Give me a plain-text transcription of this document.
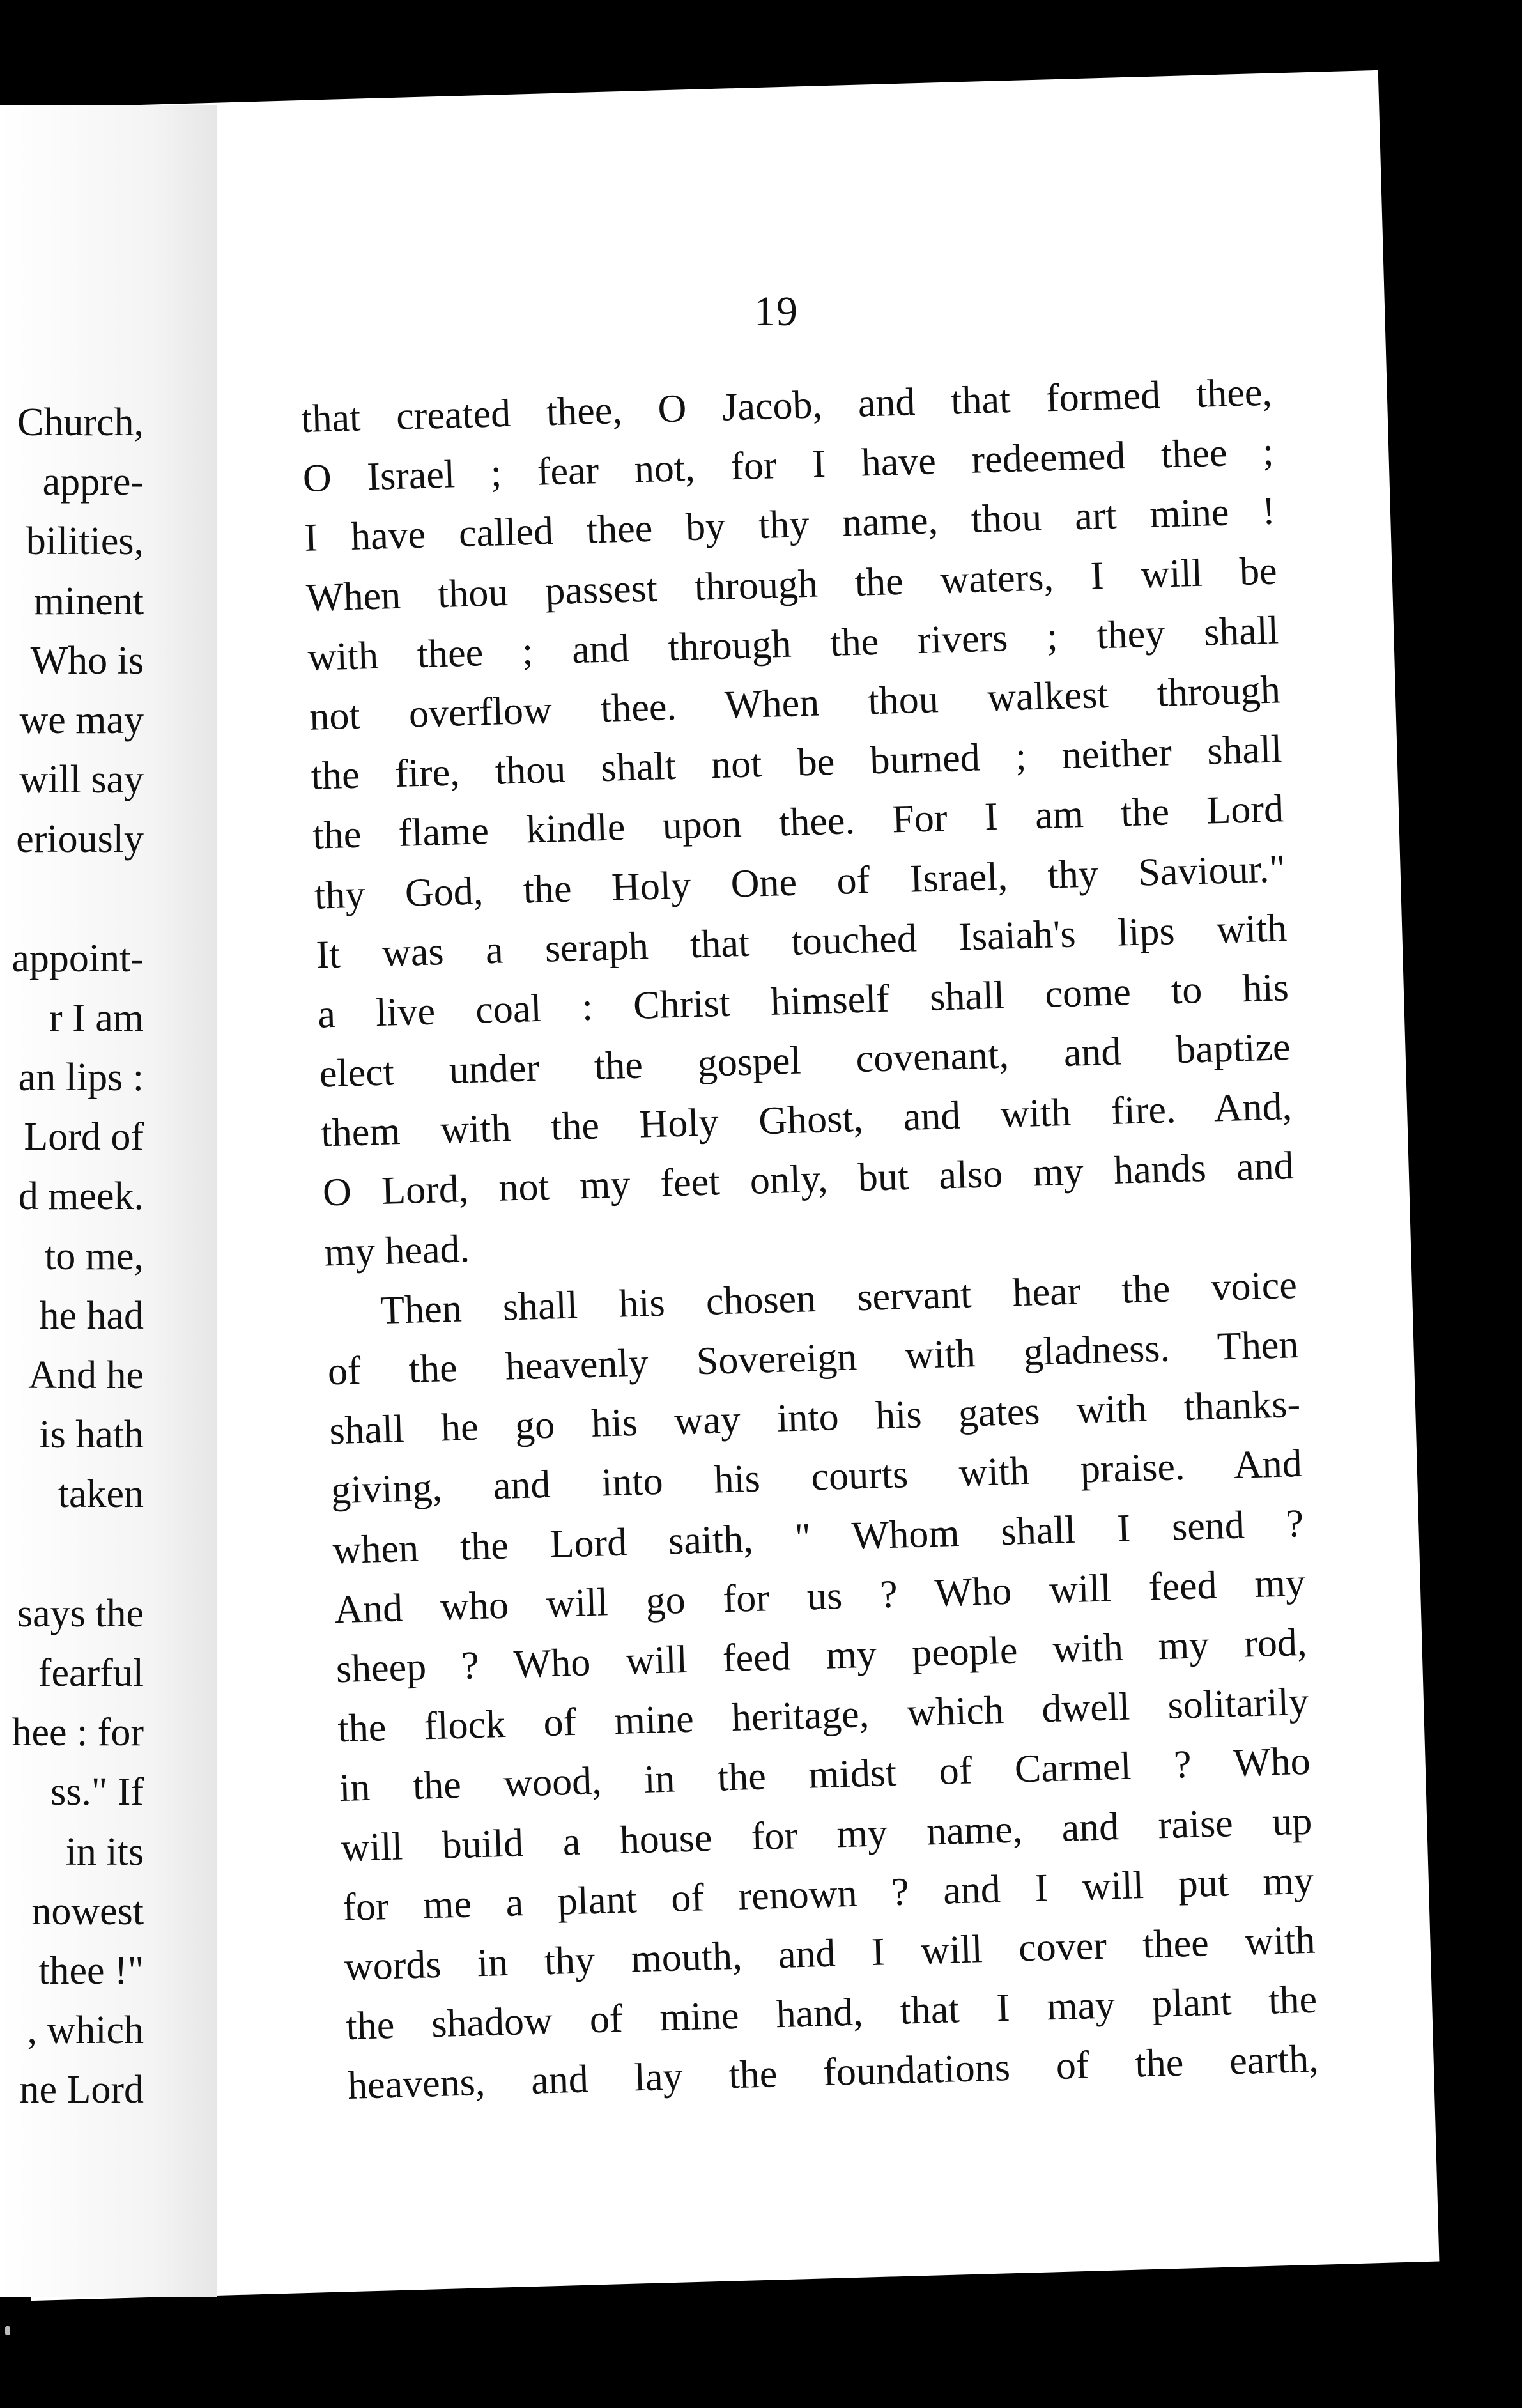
19
Church,
appre-
bilities,
minent
Who is
we may
will say
eriously
appoint-
r I am
an lips :
Lord of
d meek.
to me,
he had
And he
is hath
taken
says the
fearful
hee : for
ss." If
in its
nowest
thee !"
, which
ne Lord
that created thee, O Jacob, and that formed thee,
O Israel ; fear not, for I have redeemed thee ;
I have called thee by thy name, thou art mine !
When thou passest through the waters, I will be
with thee ; and through the rivers ; they shall
not overflow thee. When thou walkest through
the fire, thou shalt not be burned ; neither shall
the flame kindle upon thee. For I am the Lord
thy God, the Holy One of Israel, thy Saviour."
It was a seraph that touched Isaiah's lips with
a live coal : Christ himself shall come to his
elect under the gospel covenant, and baptize
them with the Holy Ghost, and with fire. And,
O Lord, not my feet only, but also my hands and
my head.
Then shall his chosen servant hear the voice
of the heavenly Sovereign with gladness. Then
shall he go his way into his gates with thanks-
giving, and into his courts with praise. And
when the Lord saith, " Whom shall I send ?
And who will go for us ? Who will feed my
sheep ? Who will feed my people with my rod,
the flock of mine heritage, which dwell solitarily
in the wood, in the midst of Carmel ? Who
will build a house for my name, and raise up
for me a plant of renown ? and I will put my
words in thy mouth, and I will cover thee with
the shadow of mine hand, that I may plant the
heavens, and lay the foundations of the earth,
